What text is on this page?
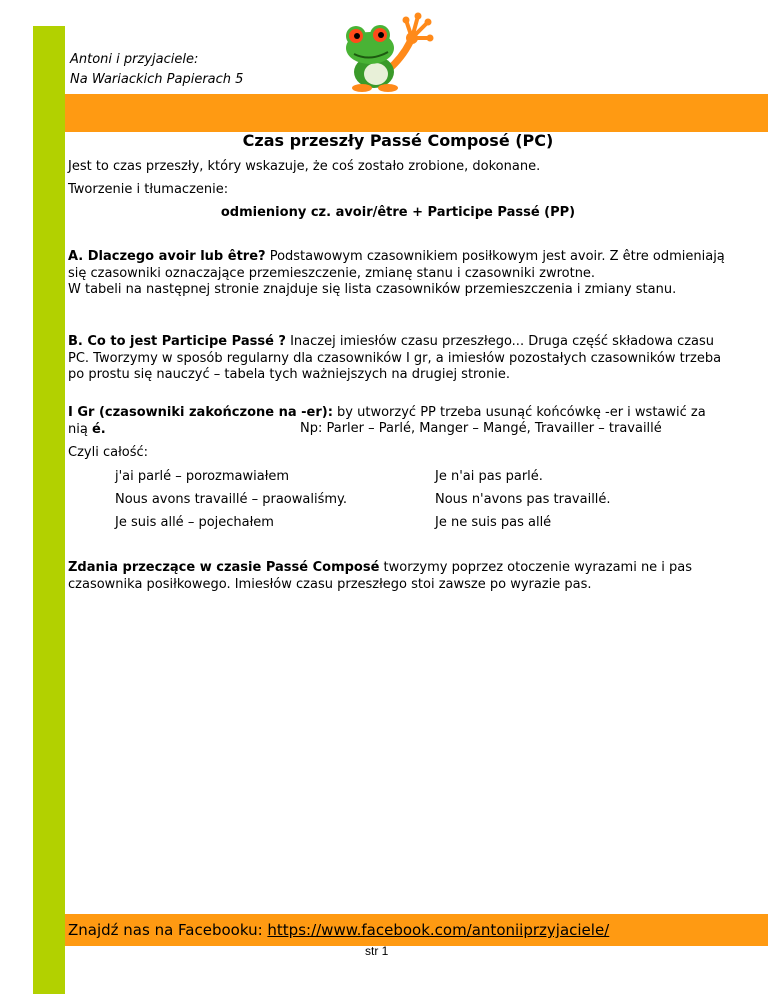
Antoni i przyjaciele:
Na Wariackich Papierach 5
Czas przeszły Passé Composé (PC)
Jest to czas przeszły, który wskazuje, że coś zostało zrobione, dokonane.
Tworzenie i tłumaczenie:
odmieniony cz. avoir/être + Participe Passé (PP)
A. Dlaczego avoir lub être? Podstawowym czasownikiem posiłkowym jest avoir. Z être odmieniają się czasowniki oznaczające przemieszczenie, zmianę stanu i czasowniki zwrotne.
W tabeli na następnej stronie znajduje się lista czasowników przemieszczenia i zmiany stanu.
B. Co to jest Participe Passé ? Inaczej imiesłów czasu przeszłego... Druga część składowa czasu PC. Tworzymy w sposób regularny dla czasowników I gr, a imiesłów pozostałych czasowników trzeba po prostu się nauczyć – tabela tych ważniejszych na drugiej stronie.
I Gr (czasowniki zakończone na -er): by utworzyć PP trzeba usunąć końcówkę -er i wstawić za nią é.	Np: Parler – Parlé, Manger – Mangé, Travailler – travaillé
Czyli całość:
j'ai parlé – porozmawiałem	Je n'ai pas parlé.
Nous avons travaillé – praowaliśmy.	Nous n'avons pas travaillé.
Je suis allé – pojechałem	Je ne suis pas allé
Zdania przeczące w czasie Passé Composé tworzymy poprzez otoczenie wyrazami ne i pas czasownika posiłkowego. Imiesłów czasu przeszłego stoi zawsze po wyrazie pas.
Znajdź nas na Facebooku: https://www.facebook.com/antoniiprzyjaciele/
str 1
